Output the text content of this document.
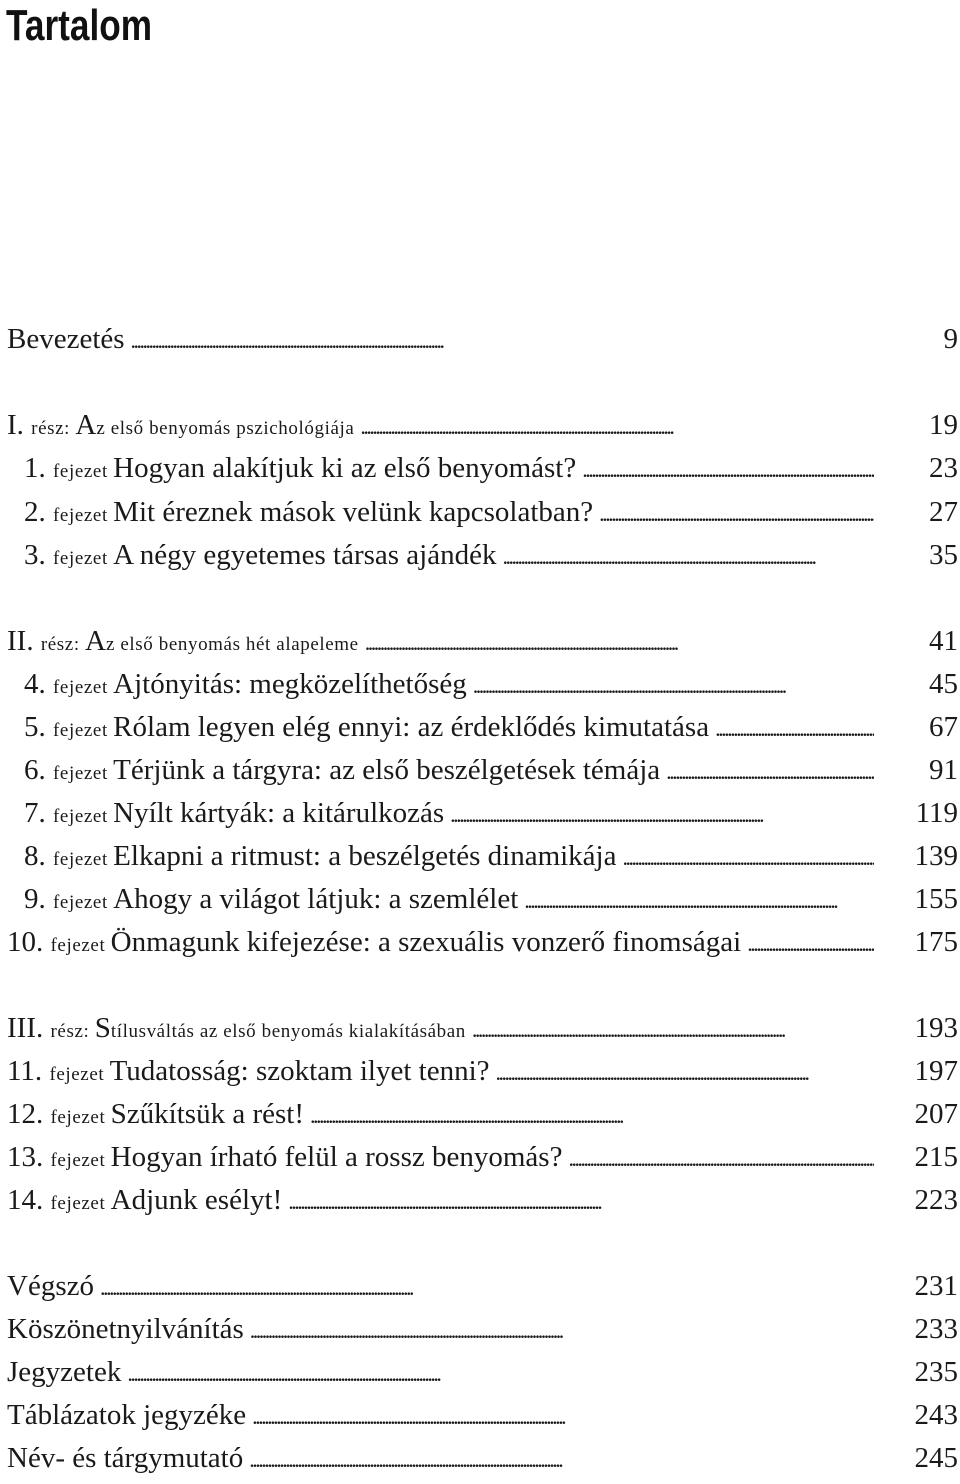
Tartalom
Bevezetés . . .	9
I. rész: Az első benyomás pszichológiája . . .	19
1. fejezet Hogyan alakítjuk ki az első benyomást? . . .	23
2. fejezet Mit éreznek mások velünk kapcsolatban? . . .	27
3. fejezet A négy egyetemes társas ajándék . . .	35
II. rész: Az első benyomás hét alapeleme . . .	41
4. fejezet Ajtónyitás: megközelíthetőség . . .	45
5. fejezet Rólam legyen elég ennyi: az érdeklődés kimutatása . . .	67
6. fejezet Térjünk a tárgyra: az első beszélgetések témája . . .	91
7. fejezet Nyílt kártyák: a kitárulkozás . . .	119
8. fejezet Elkapni a ritmust: a beszélgetés dinamikája . . .	139
9. fejezet Ahogy a világot látjuk: a szemlélet . . .	155
10. fejezet Önmagunk kifejezése: a szexuális vonzerő finomságai . . .	175
III. rész: Stílusváltás az első benyomás kialakításában . . .	193
11. fejezet Tudatosság: szoktam ilyet tenni? . . .	197
12. fejezet Szűkítsük a rést! . . .	207
13. fejezet Hogyan írható felül a rossz benyomás? . . .	215
14. fejezet Adjunk esélyt! . . .	223
Végszó . . .	231
Köszönetnyilvánítás . . .	233
Jegyzetek . . .	235
Táblázatok jegyzéke . . .	243
Név- és tárgymutató . . .	245
